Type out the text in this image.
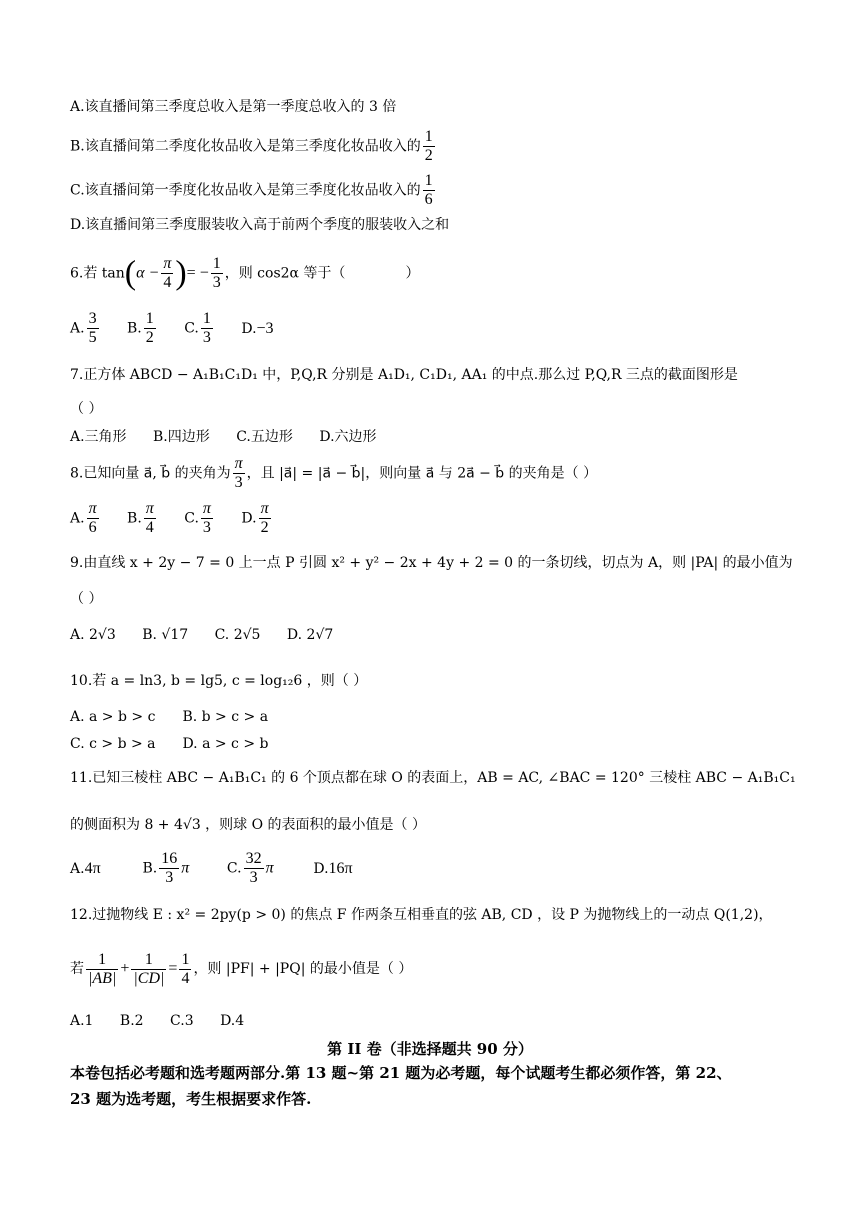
A.该直播间第三季度总收入是第一季度总收入的 3 倍
B.该直播间第二季度化妆品收入是第三季度化妆品收入的 $\frac{1}{2}$
C.该直播间第一季度化妆品收入是第三季度化妆品收入的 $\frac{1}{6}$
D.该直播间第三季度服装收入高于前两个季度的服装收入之和
6.若 $\tan(\alpha - \frac{\pi}{4}$ )= − $\frac{1}{3}$ ，则 cos2α 等于（	）
A. $\frac{3}{5} B$. $\frac{1}{2} C$. $\frac{1}{3} D.-3$
7.正方体 ABCD − A₁B₁C₁D₁ 中，P,Q,R 分别是 A₁D₁, C₁D₁, AA₁ 的中点.那么过 P,Q,R 三点的截面图形是
（ ）
A.三角形 B.四边形 C.五边形 D.六边形
8.已知向量 a⃗, b⃗ 的夹角为 $\frac{\pi}{3}$ ，且 |a⃗| = |a⃗ − b⃗|，则向量 a⃗ 与 2a⃗ − b⃗ 的夹角是（ ）
A. $\frac{\pi}{6} B$. $\frac{\pi}{4} C$. $\frac{\pi}{3} D$. $\frac{\pi}{2}$
9.由直线 x + 2y − 7 = 0 上一点 P 引圆 x² + y² − 2x + 4y + 2 = 0 的一条切线，切点为 A，则 |PA| 的最小值为
（ ）
A. 2√3 B. √17 C. 2√5 D. 2√7
10.若 a = ln3, b = lg5, c = log₁₂6 ，则（ ）
A. a > b > c B. b > c > a
C. c > b > a D. a > c > b
11.已知三棱柱 ABC − A₁B₁C₁ 的 6 个顶点都在球 O 的表面上，AB = AC, ∠BAC = 120° 三棱柱 ABC − A₁B₁C₁
的侧面积为 8 + 4√3 ，则球 O 的表面积的最小值是（ ）
A.4π	B. $\frac{16}{3}$ π	C. $\frac{32}{3}$ π	D.16π
12.过抛物线 E : x² = 2py(p > 0) 的焦点 F 作两条互相垂直的弦 AB, CD ，设 P 为抛物线上的一动点 Q(1,2)，
若 $\frac{1}{|AB|} + \frac{1}{|CD|} = \frac{1}{4}$ ，则 |PF| + |PQ| 的最小值是（ ）
A.1 B.2 C.3 D.4
第 II 卷（非选择题共 90 分）
本卷包括必考题和选考题两部分.第 13 题~第 21 题为必考题，每个试题考生都必须作答，第 22、
23 题为选考题，考生根据要求作答.
